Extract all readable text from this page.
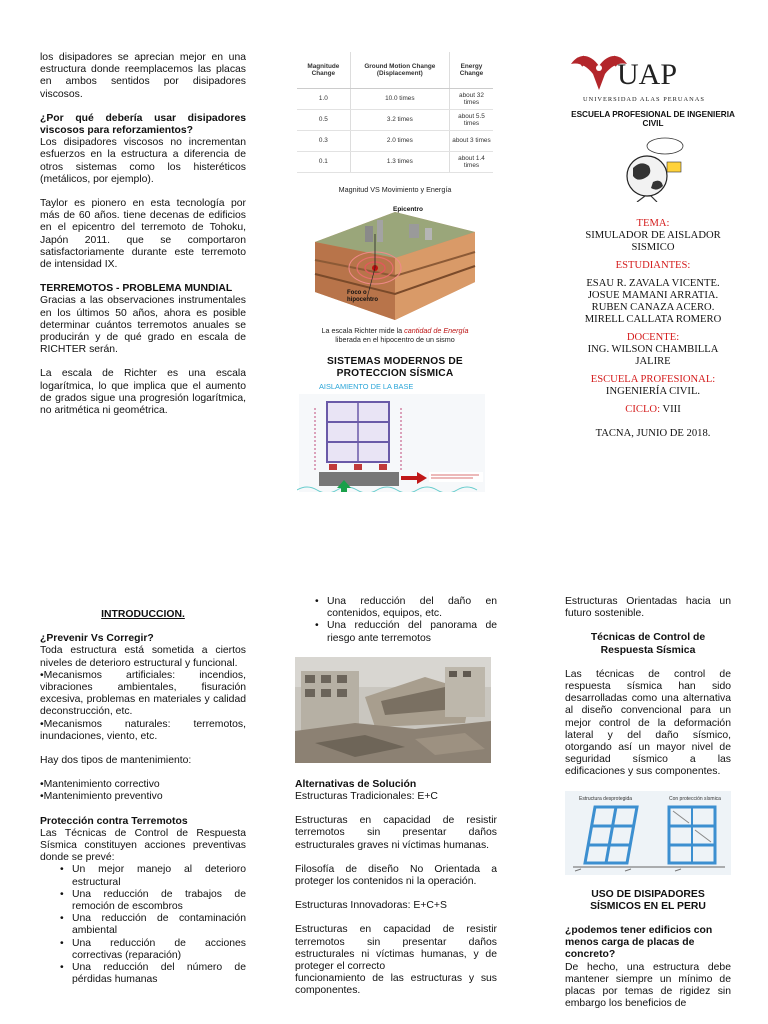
los disipadores se aprecian mejor en una estructura donde reemplacemos las placas en ambos sentidos por disipadores viscosos.

¿Por qué debería usar disipadores viscosos para reforzamientos?

Los disipadores viscosos no incrementan esfuerzos en la estructura a diferencia de otros sistemas como los histeréticos (metálicos, por ejemplo).

Taylor es pionero en esta tecnología por más de 60 años. tiene decenas de edificios en el epicentro del terremoto de Tohoku, Japón 2011. que se comportaron satisfactoriamente durante este terremoto de intensidad IX.

TERREMOTOS - PROBLEMA MUNDIAL

Gracias a las observaciones instrumentales en los últimos 50 años, ahora es posible determinar cuántos terremotos anuales se producirán y de qué grado en escala de RICHTER serán.

La escala de Richter es una escala logarítmica, lo que implica que el aumento de grados sigue una progresión logarítmica, no aritmética ni geométrica.

Magnitude Change	Ground Motion Change (Displacement)	Energy Change
1.0	10.0 times	about 32 times
0.5	3.2 times	about 5.5 times
0.3	2.0 times	about 3 times
0.1	1.3 times	about 1.4 times

Magnitud VS Movimiento y Energía

Epicentro
Foco o hipocentro

La escala Richter mide la cantidad de Energía
liberada en el hipocentro de un sismo

SISTEMAS MODERNOS DE PROTECCION SÍSMICA

AISLAMIENTO DE LA BASE
UAP
UNIVERSIDAD ALAS PERUANAS

ESCUELA PROFESIONAL DE INGENIERIA CIVIL

TEMA:

SIMULADOR DE AISLADOR SISMICO

ESTUDIANTES:

ESAU R. ZAVALA VICENTE.

JOSUE MAMANI ARRATIA.

RUBEN CANAZA ACERO.

MIRELL CALLATA ROMERO

DOCENTE:

ING. WILSON CHAMBILLA JALIRE

ESCUELA PROFESIONAL:

INGENIERÍA CIVIL.

CICLO: VIII

TACNA, JUNIO DE 2018.

INTRODUCCION.

¿Prevenir Vs Corregir?

Toda estructura está sometida a ciertos niveles de deterioro estructural y funcional.

•Mecanismos artificiales: incendios, vibraciones ambientales, fisuración excesiva, problemas en materiales y calidad deconstrucción, etc.

•Mecanismos naturales: terremotos, inundaciones, viento, etc.

Hay dos tipos de mantenimiento:

•Mantenimiento correctivo

•Mantenimiento preventivo

Protección contra Terremotos

Las Técnicas de Control de Respuesta Sísmica constituyen acciones preventivas donde se prevé:

• Un mejor manejo al deterioro estructural
• Una reducción de trabajos de remoción de escombros
• Una reducción de contaminación ambiental
• Una reducción de acciones correctivas (reparación)
• Una reducción del número de pérdidas humanas
• Una reducción del daño en contenidos, equipos, etc.
• Una reducción del panorama de riesgo ante terremotos

Alternativas de Solución

Estructuras Tradicionales: E+C

Estructuras en capacidad de resistir terremotos sin presentar daños estructurales graves ni víctimas humanas.

Filosofía de diseño No Orientada a proteger los contenidos ni la operación.

Estructuras Innovadoras: E+C+S

Estructuras en capacidad de resistir terremotos sin presentar daños estructurales ni víctimas humanas, y de proteger el correcto

funcionamiento de las estructuras y sus componentes.

Estructuras Orientadas hacia un futuro sostenible.

Técnicas de Control de Respuesta Sísmica

Las técnicas de control de respuesta sísmica han sido desarrolladas como una alternativa al diseño convencional para un mejor control de la deformación lateral y del daño sísmico, otorgando así un mayor nivel de seguridad sísmico a las edificaciones y sus componentes.

Estructura desprotegida	Con protección sísmica

USO DE DISIPADORES SÍSMICOS EN EL PERU

¿podemos tener edificios con menos carga de placas de concreto?

De hecho, una estructura debe mantener siempre un mínimo de placas por temas de rigidez sin embargo los beneficios de
